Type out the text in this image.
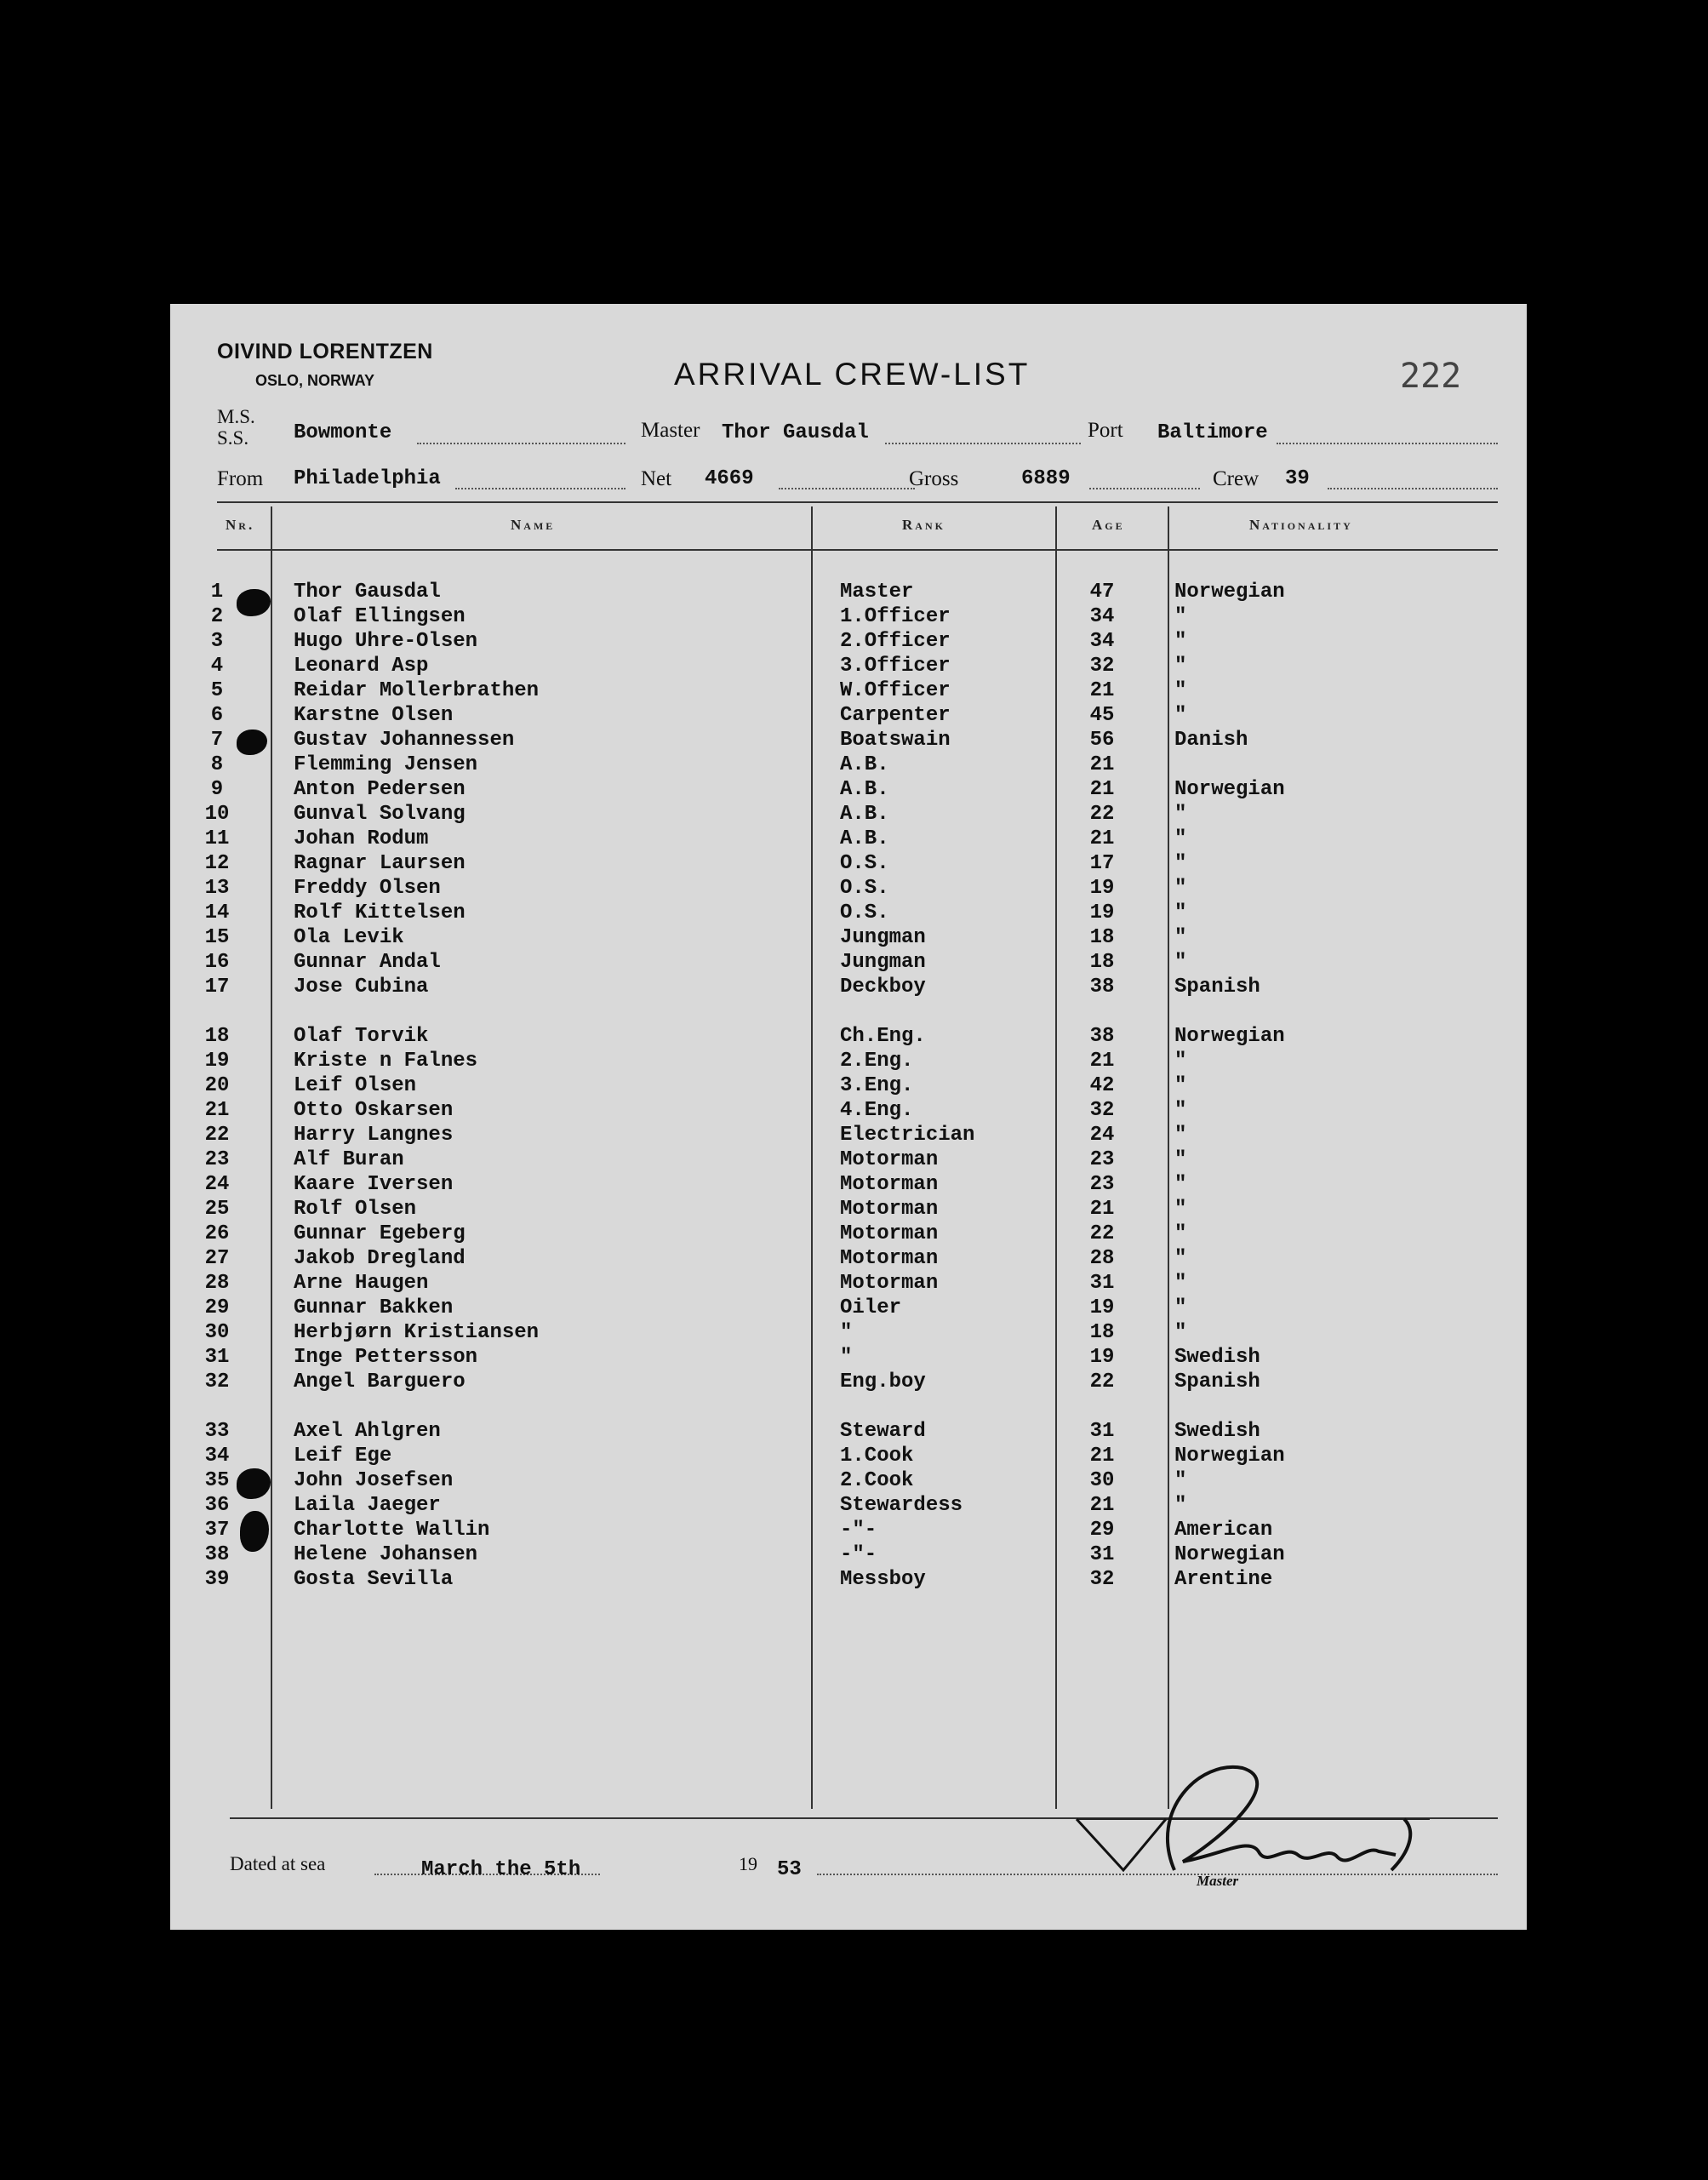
OIVIND LORENTZEN
OSLO, NORWAY	ARRIVAL CREW-LIST	222
M.S.
S.S. Bowmonte	Master Thor Gausdal	Port Baltimore
From Philadelphia	Net 4669	Gross	6889	Crew 39
Nr.	Name	Rank	Age	Nationality
1	Thor Gausdal	Master	47	Norwegian
2	Olaf Ellingsen	1.Officer	34	"
3	Hugo Uhre-Olsen	2.Officer	34	"
4	Leonard Asp	3.Officer	32	"
5	Reidar Mollerbrathen	W.Officer	21	"
6	Karstne Olsen	Carpenter	45	"
7	Gustav Johannessen	Boatswain	56	Danish
8	Flemming Jensen	A.B.	21
9	Anton Pedersen	A.B.	21	Norwegian
10	Gunval Solvang	A.B.	22	"
11	Johan Rodum	A.B.	21	"
12	Ragnar Laursen	O.S.	17	"
13	Freddy Olsen	O.S.	19	"
14	Rolf Kittelsen	O.S.	19	"
15	Ola Levik	Jungman	18	"
16	Gunnar Andal	Jungman	18	"
17	Jose Cubina	Deckboy	38	Spanish
18	Olaf Torvik	Ch.Eng.	38	Norwegian
19	Kriste n Falnes	2.Eng.	21	"
20	Leif Olsen	3.Eng.	42	"
21	Otto Oskarsen	4.Eng.	32	"
22	Harry Langnes	Electrician	24	"
23	Alf Buran	Motorman	23	"
24	Kaare Iversen	Motorman	23	"
25	Rolf Olsen	Motorman	21	"
26	Gunnar Egeberg	Motorman	22	"
27	Jakob Dregland	Motorman	28	"
28	Arne Haugen	Motorman	31	"
29	Gunnar Bakken	Oiler	19	"
30	Herbjørn Kristiansen	"	18	"
31	Inge Pettersson	"	19	Swedish
32	Angel Barguero	Eng.boy	22	Spanish
33	Axel Ahlgren	Steward	31	Swedish
34	Leif Ege	1.Cook	21	Norwegian
35	John Josefsen	2.Cook	30	"
36	Laila Jaeger	Stewardess	21	"
37	Charlotte Wallin	-"-	29	American
38	Helene Johansen	-"-	31	Norwegian
39	Gosta Sevilla	Messboy	32	Arentine
Dated at sea	March the 5th	19 53	Master
